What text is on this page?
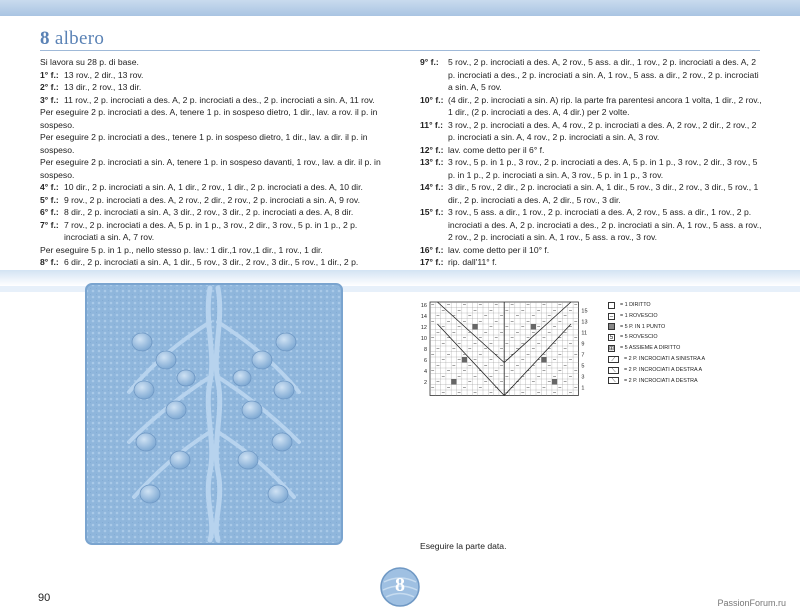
8 albero

Si lavora su 28 p. di base.

1° f.: 13 rov., 2 dir., 13 rov.
2° f.: 13 dir., 2 rov., 13 dir.
3° f.: 11 rov., 2 p. incrociati a des. A, 2 p. incrociati a des., 2 p. incrociati a sin. A, 11 rov.

Per eseguire 2 p. incrociati a des. A, tenere 1 p. in sospeso dietro, 1 dir., lav. a rov. il p. in sospeso.

Per eseguire 2 p. incrociati a des., tenere 1 p. in sospeso dietro, 1 dir., lav. a dir. il p. in sospeso.

Per eseguire 2 p. incrociati a sin. A, tenere 1 p. in sospeso davanti, 1 rov., lav. a dir. il p. in sospeso.

4° f.: 10 dir., 2 p. incrociati a sin. A, 1 dir., 2 rov., 1 dir., 2 p. incrociati a des. A, 10 dir.
5° f.: 9 rov., 2 p. incrociati a des. A, 2 rov., 2 dir., 2 rov., 2 p. incrociati a sin. A, 9 rov.
6° f.: 8 dir., 2 p. incrociati a sin. A, 3 dir., 2 rov., 3 dir., 2 p. incrociati a des. A, 8 dir.
7° f.: 7 rov., 2 p. incrociati a des. A, 5 p. in 1 p., 3 rov., 2 dir., 3 rov., 5 p. in 1 p., 2 p. incrociati a sin. A, 7 rov.

Per eseguire 5 p. in 1 p., nello stesso p. lav.: 1 dir.,1 rov.,1 dir., 1 rov., 1 dir.

8° f.: 6 dir., 2 p. incrociati a sin. A, 1 dir., 5 rov., 3 dir., 2 rov., 3 dir., 5 rov., 1 dir., 2 p.
9° f.:	5 rov., 2 p. incrociati a des. A, 2 rov., 5 ass. a dir., 1 rov., 2 p. incrociati a des. A, 2 p. incrociati a des., 2 p. incrociati a sin. A, 1 rov., 5 ass. a dir., 2 rov., 2 p. incrociati a sin. A, 5 rov.
10° f.: (4 dir., 2 p. incrociati a sin. A) rip. la parte fra parentesi ancora 1 volta, 1 dir., 2 rov., 1 dir., (2 p. incrociati a des. A, 4 dir.) per 2 volte.
11° f.: 3 rov., 2 p. incrociati a des. A, 4 rov., 2 p. incrociati a des. A, 2 rov., 2 dir., 2 rov., 2 p. incrociati a sin. A, 4 rov., 2 p. incrociati a sin. A, 3 rov.
12° f.: lav. come detto per il 6° f.
13° f.: 3 rov., 5 p. in 1 p., 3 rov., 2 p. incrociati a des. A, 5 p. in 1 p., 3 rov., 2 dir., 3 rov., 5 p. in 1 p., 2 p. incrociati a sin. A, 3 rov., 5 p. in 1 p., 3 rov.
14° f.: 3 dir., 5 rov., 2 dir., 2 p. incrociati a sin. A, 1 dir., 5 rov., 3 dir., 2 rov., 3 dir., 5 rov., 1 dir., 2 p. incrociati a des. A, 2 dir., 5 rov., 3 dir.
15° f.: 3 rov., 5 ass. a dir., 1 rov., 2 p. incrociati a des. A, 2 rov., 5 ass. a dir., 1 rov., 2 p. incrociati a des. A, 2 p. incrociati a des., 2 p. incrociati a sin. A, 1 rov., 5 ass. a rov., 2 rov., 2 p. incrociati a sin. A, 1 rov., 5 ass. a rov., 3 rov.
16° f.: lav. come detto per il 10° f.
17° f.: rip. dall'11° f.
16
14
12
10
8
6
4
2
15
13
11
9
7
5
3
1
= 1 DIRITTO
–	= 1 ROVESCIO
= 5 P. IN 1 PUNTO
5	= 5 ROVESCIO
⊞ = 5 ASSIEME A DIRITTO
⟋	= 2 P. INCROCIATI A SINISTRA A
⟍	= 2 P. INCROCIATI A DESTRA A
⟍	= 2 P. INCROCIATI A DESTRA
Eseguire la parte data.
90
8
PassionForum.ru
